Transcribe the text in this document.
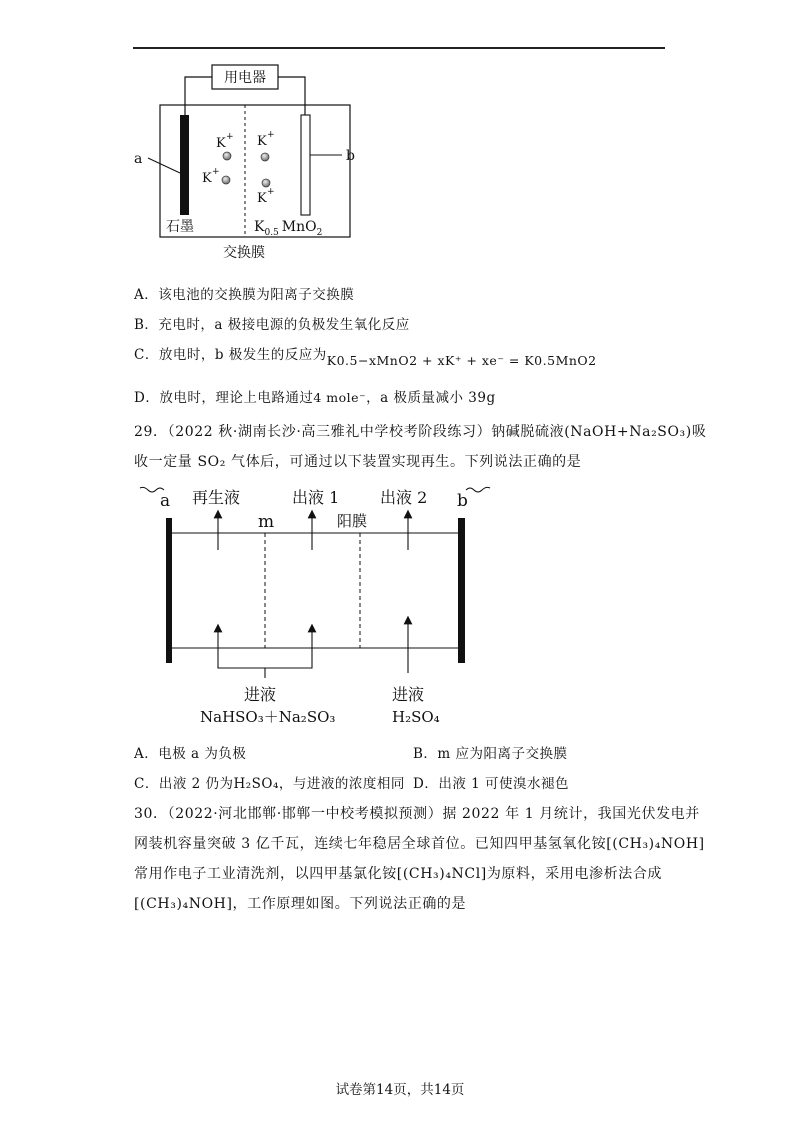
用电器
a	b
K +
K +
K +
K +
石墨	$K_{0.5}$ MnO$_2$
交换膜
A．该电池的交换膜为阳离子交换膜
B．充电时，a 极接电源的负极发生氧化反应
C．放电时，b 极发生的反应为K0.5−xMnO2 + xK⁺ + xe⁻ = K0.5MnO2
D．放电时，理论上电路通过4 mole⁻，a 极质量减小 39g
29．（2022 秋·湖南长沙·高三雅礼中学校考阶段练习）钠碱脱硫液(NaOH+Na₂SO₃)吸
收一定量 SO₂ 气体后，可通过以下装置实现再生。下列说法正确的是
a	b
m	阳膜
再生液	出液 1	出液 2
进液
NaHSO₃＋Na₂SO₃
进液
H₂SO₄
A．电极 a 为负极	B．m 应为阳离子交换膜
C．出液 2 仍为H₂SO₄，与进液的浓度相同 D．出液 1 可使溴水褪色
30．（2022·河北邯郸·邯郸一中校考模拟预测）据 2022 年 1 月统计，我国光伏发电并
网装机容量突破 3 亿千瓦，连续七年稳居全球首位。已知四甲基氢氧化铵[(CH₃)₄NOH]
常用作电子工业清洗剂，以四甲基氯化铵[(CH₃)₄NCl]为原料，采用电渗析法合成
[(CH₃)₄NOH]，工作原理如图。下列说法正确的是
试卷第14页，共14页
